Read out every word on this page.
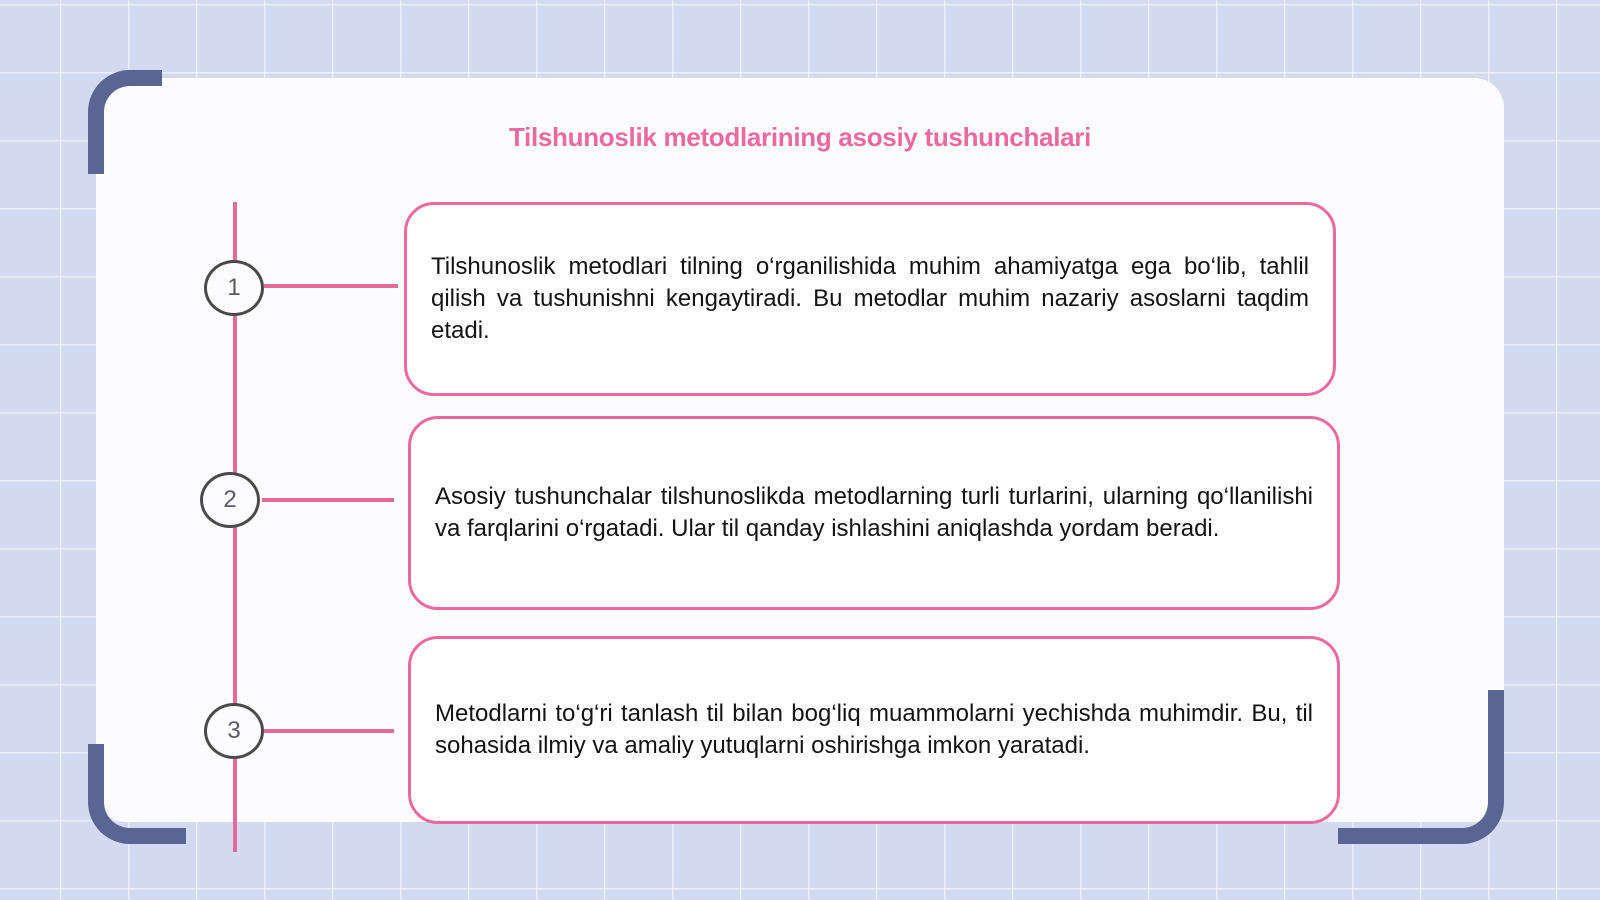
Tilshunoslik metodlarining asosiy tushunchalari
1
2
3

Tilshunoslik metodlari tilning o‘rganilishida muhim ahamiyatga ega bo‘lib, tahlil qilish va tushunishni kengaytiradi. Bu metodlar muhim nazariy asoslarni taqdim etadi.

Asosiy tushunchalar tilshunoslikda metodlarning turli turlarini, ularning qo‘llanilishi va farqlarini o‘rgatadi. Ular til qanday ishlashini aniqlashda yordam beradi.

Metodlarni to‘g‘ri tanlash til bilan bog‘liq muammolarni yechishda muhimdir. Bu, til sohasida ilmiy va amaliy yutuqlarni oshirishga imkon yaratadi.
